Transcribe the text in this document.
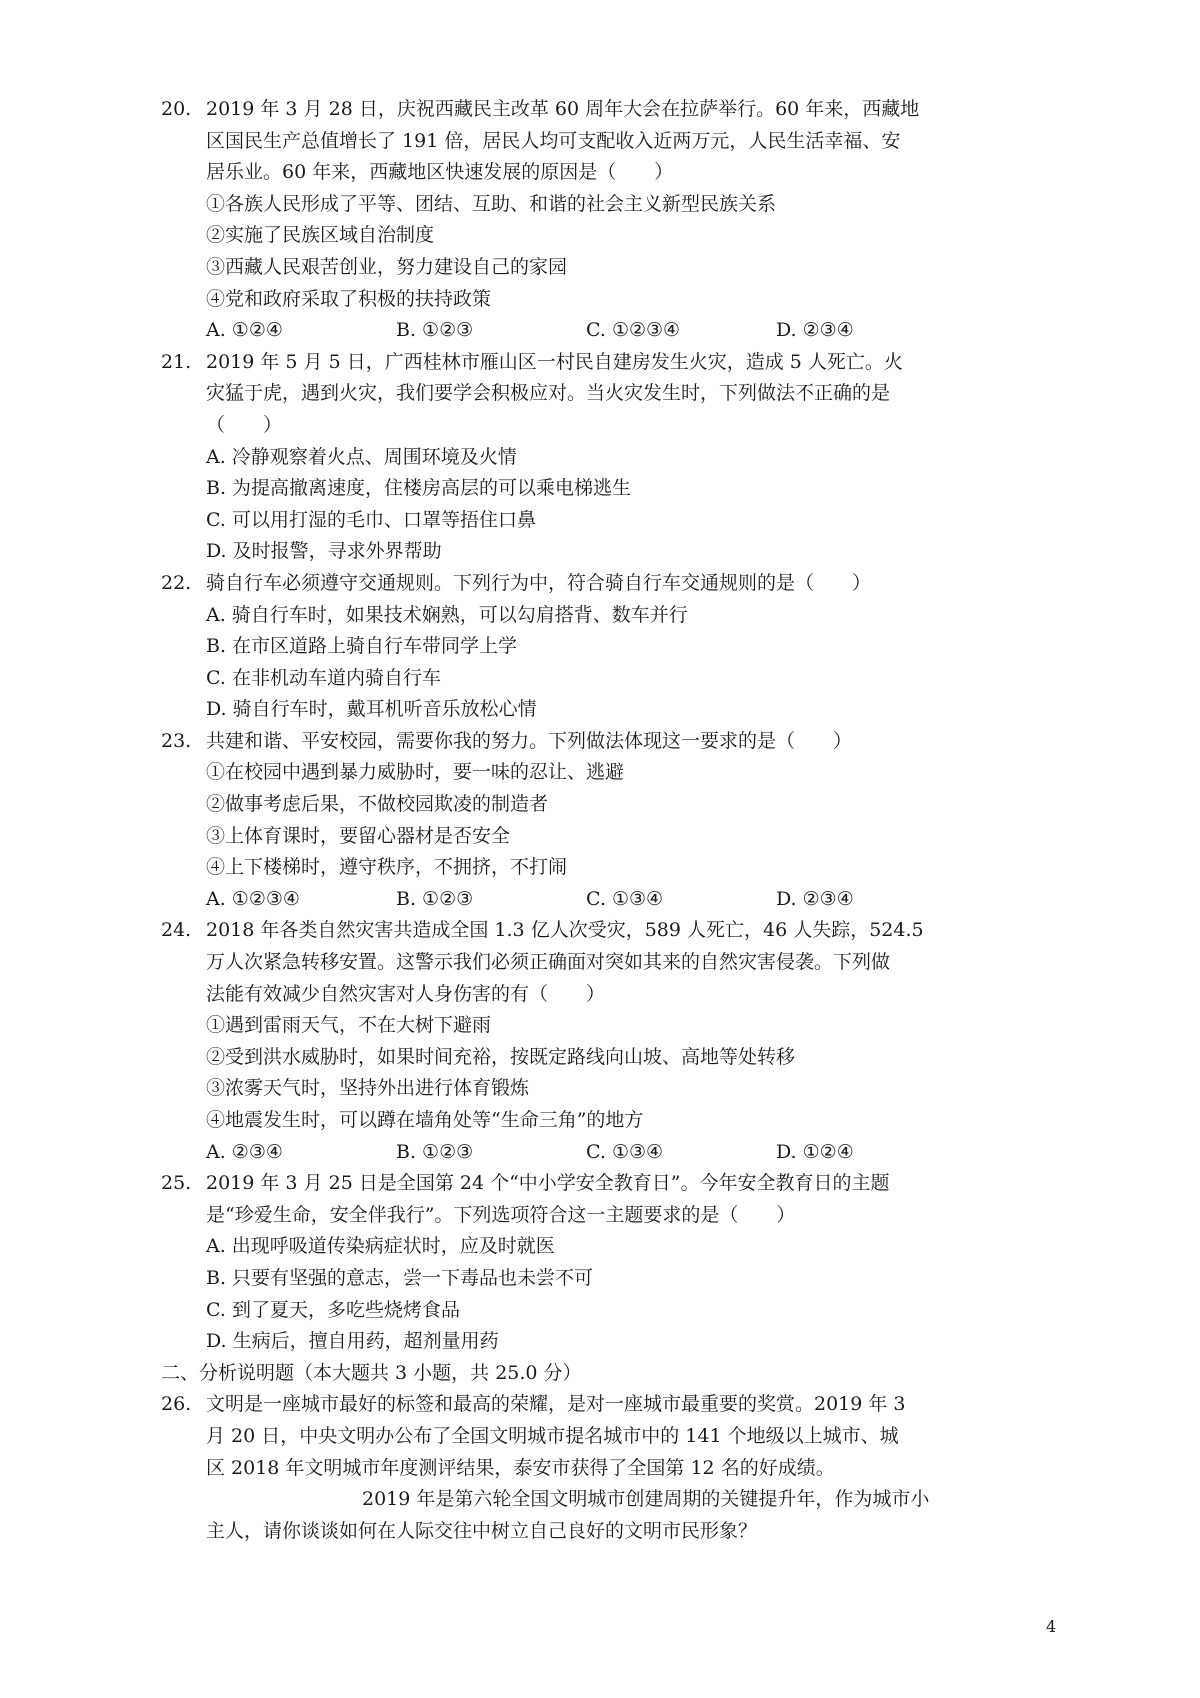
20. 2019 年 3 月 28 日，庆祝西藏民主改革 60 周年大会在拉萨举行。60 年来，西藏地
区国民生产总值增长了 191 倍，居民人均可支配收入近两万元，人民生活幸福、安
居乐业。60 年来，西藏地区快速发展的原因是（　　）
①各族人民形成了平等、团结、互助、和谐的社会主义新型民族关系
②实施了民族区域自治制度
③西藏人民艰苦创业，努力建设自己的家园
④党和政府采取了积极的扶持政策
A. ①②④	B. ①②③	C. ①②③④	D. ②③④
21. 2019 年 5 月 5 日，广西桂林市雁山区一村民自建房发生火灾，造成 5 人死亡。火
灾猛于虎，遇到火灾，我们要学会积极应对。当火灾发生时，下列做法不正确的是
（　　）
A. 冷静观察着火点、周围环境及火情
B. 为提高撤离速度，住楼房高层的可以乘电梯逃生
C. 可以用打湿的毛巾、口罩等捂住口鼻
D. 及时报警，寻求外界帮助
22. 骑自行车必须遵守交通规则。下列行为中，符合骑自行车交通规则的是（　　）
A. 骑自行车时，如果技术娴熟，可以勾肩搭背、数车并行
B. 在市区道路上骑自行车带同学上学
C. 在非机动车道内骑自行车
D. 骑自行车时，戴耳机听音乐放松心情
23. 共建和谐、平安校园，需要你我的努力。下列做法体现这一要求的是（　　）
①在校园中遇到暴力威胁时，要一味的忍让、逃避
②做事考虑后果，不做校园欺凌的制造者
③上体育课时，要留心器材是否安全
④上下楼梯时，遵守秩序，不拥挤，不打闹
A. ①②③④	B. ①②③	C. ①③④	D. ②③④
24. 2018 年各类自然灾害共造成全国 1.3 亿人次受灾，589 人死亡，46 人失踪，524.5
万人次紧急转移安置。这警示我们必须正确面对突如其来的自然灾害侵袭。下列做
法能有效减少自然灾害对人身伤害的有（　　）
①遇到雷雨天气，不在大树下避雨
②受到洪水威胁时，如果时间充裕，按既定路线向山坡、高地等处转移
③浓雾天气时，坚持外出进行体育锻炼
④地震发生时，可以蹲在墙角处等“生命三角”的地方
A. ②③④	B. ①②③	C. ①③④	D. ①②④
25. 2019 年 3 月 25 日是全国第 24 个“中小学安全教育日”。今年安全教育日的主题
是“珍爱生命，安全伴我行”。下列选项符合这一主题要求的是（　　）
A. 出现呼吸道传染病症状时，应及时就医
B. 只要有坚强的意志，尝一下毒品也未尝不可
C. 到了夏天，多吃些烧烤食品
D. 生病后，擅自用药，超剂量用药
二、分析说明题（本大题共 3 小题，共 25.0 分）
26. 文明是一座城市最好的标签和最高的荣耀，是对一座城市最重要的奖赏。2019 年 3
月 20 日，中央文明办公布了全国文明城市提名城市中的 141 个地级以上城市、城
区 2018 年文明城市年度测评结果，泰安市获得了全国第 12 名的好成绩。
2019 年是第六轮全国文明城市创建周期的关键提升年，作为城市小
主人，请你谈谈如何在人际交往中树立自己良好的文明市民形象？
4
